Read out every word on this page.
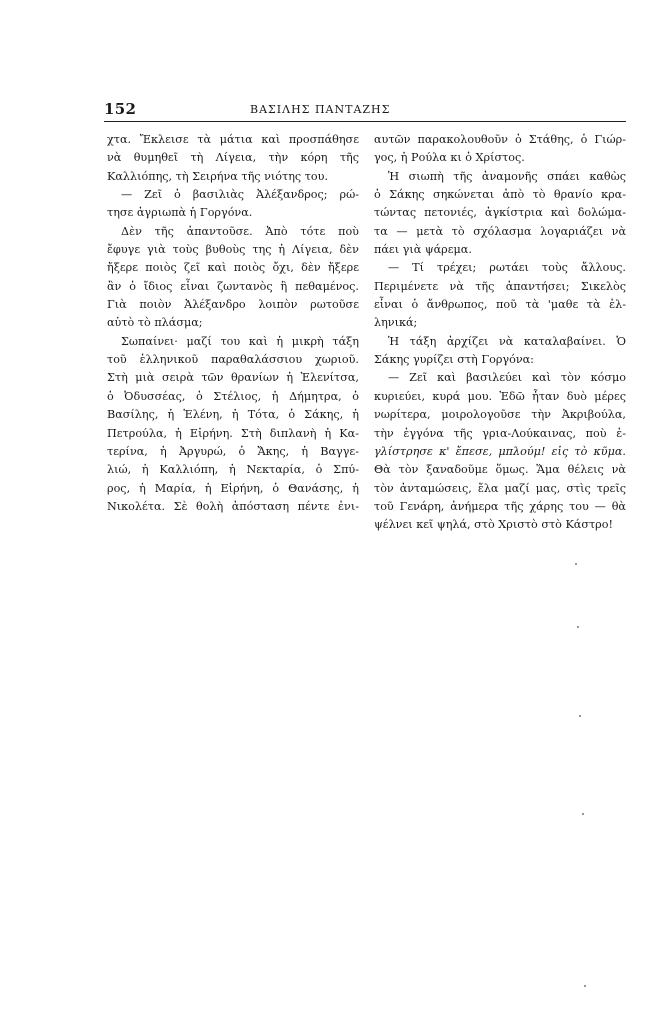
152	ΒΑΣΙΛΗΣ ΠΑΝΤΑΖΗΣ
χτα. Ἔκλεισε τὰ μάτια καὶ προσπάθησε
νὰ θυμηθεῖ τὴ Λίγεια, τὴν κόρη τῆς
Καλλιόπης, τὴ Σειρήνα τῆς νιότης του.
— Ζεῖ ὁ βασιλιὰς Ἀλέξανδρος; ρώ-
τησε ἀγριωπὰ ἡ Γοργόνα.
Δὲν τῆς ἀπαντοῦσε. Ἀπὸ τότε ποὺ
ἔφυγε γιὰ τοὺς βυθοὺς της ἡ Λίγεια, δὲν
ἤξερε ποιὸς ζεῖ καὶ ποιὸς ὄχι, δὲν ἤξερε
ἂν ὁ ἴδιος εἶναι ζωντανὸς ἢ πεθαμένος.
Γιὰ ποιὸν Ἀλέξανδρο λοιπὸν ρωτοῦσε
αὐτὸ τὸ πλάσμα;
Σωπαίνει· μαζί του καὶ ἡ μικρὴ τάξη
τοῦ ἑλληνικοῦ παραθαλάσσιου χωριοῦ.
Στὴ μιὰ σειρὰ τῶν θρανίων ἡ Ἑλενίτσα,
ὁ Ὀδυσσέας, ὁ Στέλιος, ἡ Δήμητρα, ὁ
Βασίλης, ἡ Ἑλένη, ἡ Τότα, ὁ Σάκης, ἡ
Πετρούλα, ἡ Εἰρήνη. Στὴ διπλανὴ ἡ Κα-
τερίνα, ἡ Ἀργυρώ, ὁ Ἄκης, ἡ Βαγγε-
λιώ, ἡ Καλλιόπη, ἡ Νεκταρία, ὁ Σπύ-
ρος, ἡ Μαρία, ἡ Εἰρήνη, ὁ Θανάσης, ἡ
Νικολέτα. Σὲ θολὴ ἀπόσταση πέντε ἐνι-
αυτῶν παρακολουθοῦν ὁ Στάθης, ὁ Γιώρ-
γος, ἡ Ρούλα κι ὁ Χρίστος.
Ἡ σιωπὴ τῆς ἀναμονῆς σπάει καθὼς
ὁ Σάκης σηκώνεται ἀπὸ τὸ θρανίο κρα-
τώντας πετονιές, ἀγκίστρια καὶ δολώμα-
τα — μετὰ τὸ σχόλασμα λογαριάζει νὰ
πάει γιὰ ψάρεμα.
— Τί τρέχει; ρωτάει τοὺς ἄλλους.
Περιμένετε νὰ τῆς ἀπαντήσει; Σικελὸς
εἶναι ὁ ἄνθρωπος, ποῦ τὰ 'μαθε τὰ ἑλ-
ληνικά;
Ἡ τάξη ἀρχίζει νὰ καταλαβαίνει. Ὁ
Σάκης γυρίζει στὴ Γοργόνα:
— Ζεῖ καὶ βασιλεύει καὶ τὸν κόσμο
κυριεύει, κυρά μου. Ἐδῶ ἦταν δυὸ μέρες
νωρίτερα, μοιρολογοῦσε τὴν Ἀκριβούλα,
τὴν ἐγγόνα τῆς γρια-Λούκαινας, ποὺ ἐ-
γλίστρησε κ' ἔπεσε, μπλούμ! εἰς τὸ κῦμα.
Θὰ τὸν ξαναδοῦμε ὅμως. Ἅμα θέλεις νὰ
τὸν ἀνταμώσεις, ἔλα μαζί μας, στὶς τρεῖς
τοῦ Γενάρη, ἀνήμερα τῆς χάρης του — θὰ
ψέλνει κεῖ ψηλά, στὸ Χριστὸ στὸ Κάστρο!
